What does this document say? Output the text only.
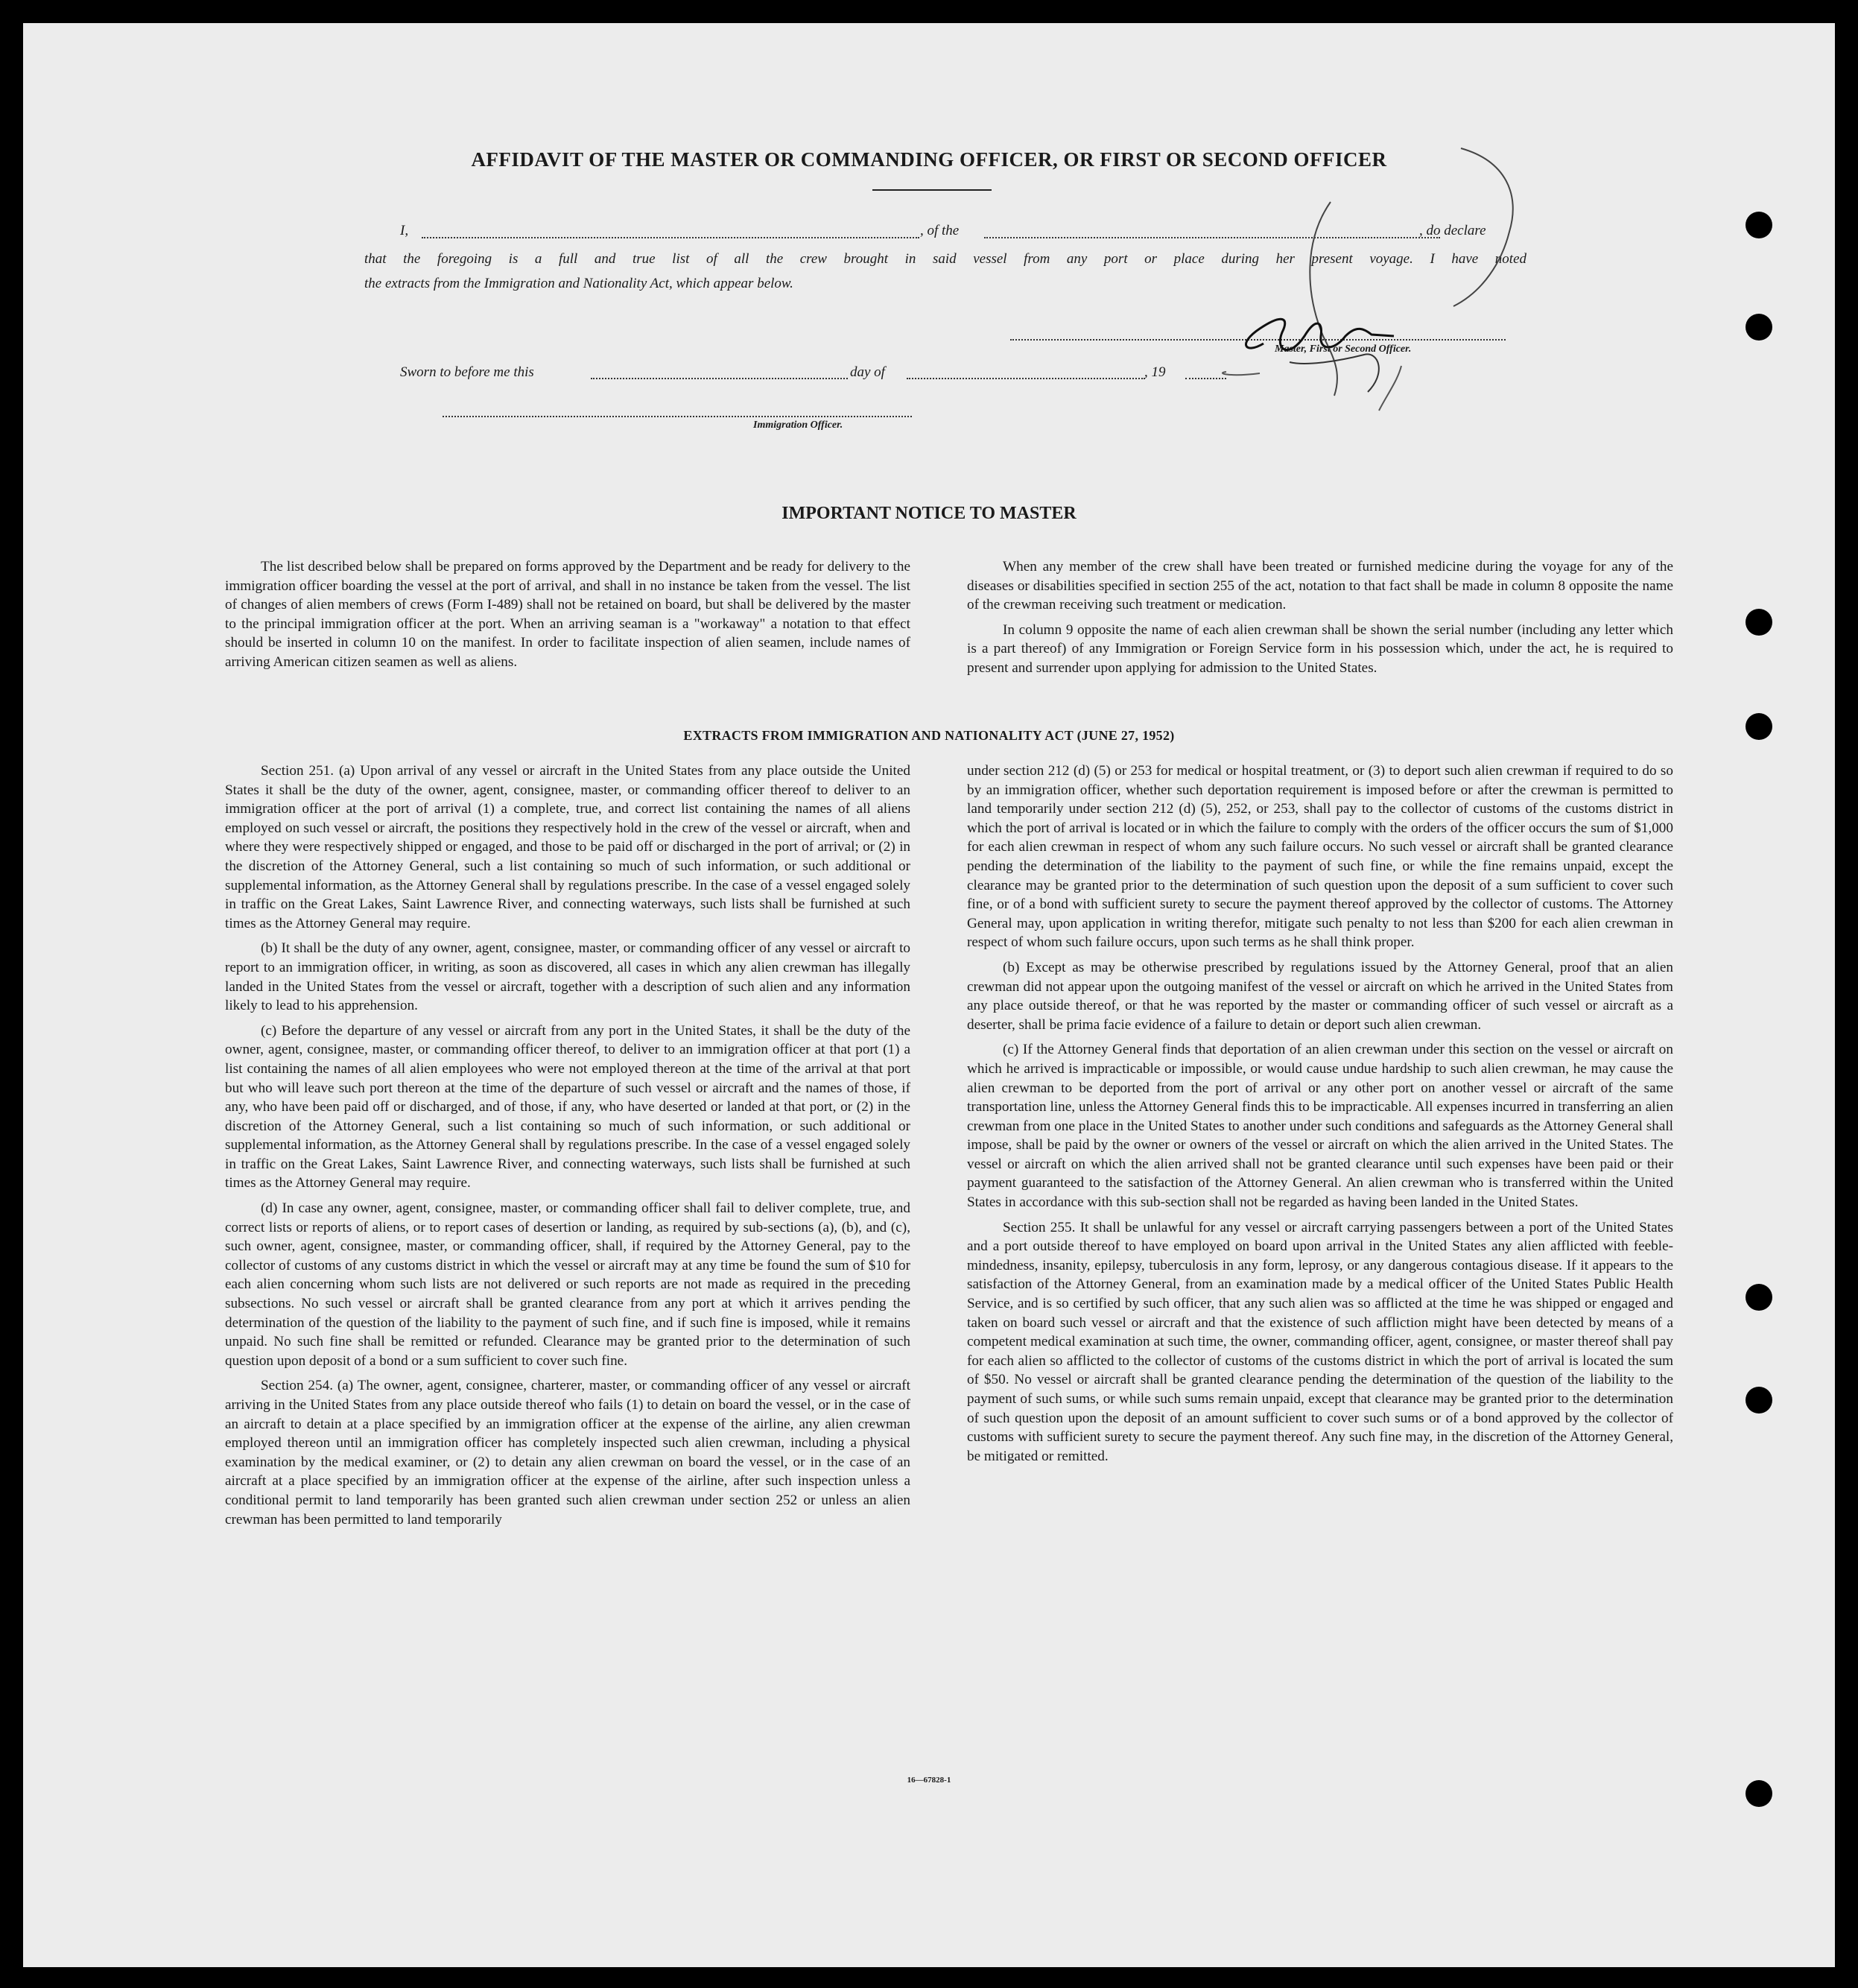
AFFIDAVIT OF THE MASTER OR COMMANDING OFFICER, OR FIRST OR SECOND OFFICER
I,	, of the	, do declare
that the foregoing is a full and true list of all the crew brought in said vessel from any port or place during her present voyage. I have noted
the extracts from the Immigration and Nationality Act, which appear below.
Master, First or Second Officer.
Sworn to before me this	day of	, 19
Immigration Officer.
IMPORTANT NOTICE TO MASTER

The list described below shall be prepared on forms approved by the Department and be ready for delivery to the immigration officer boarding the vessel at the port of arrival, and shall in no instance be taken from the vessel. The list of changes of alien members of crews (Form I-489) shall not be retained on board, but shall be delivered by the master to the principal immigration officer at the port. When an arriving seaman is a "workaway" a notation to that effect should be inserted in column 10 on the manifest. In order to facilitate inspection of alien seamen, include names of arriving American citizen seamen as well as aliens.

When any member of the crew shall have been treated or furnished medicine during the voyage for any of the diseases or disabilities specified in section 255 of the act, notation to that fact shall be made in column 8 opposite the name of the crewman receiving such treatment or medication.

In column 9 opposite the name of each alien crewman shall be shown the serial number (including any letter which is a part thereof) of any Immigration or Foreign Service form in his possession which, under the act, he is required to present and surrender upon applying for admission to the United States.

EXTRACTS FROM IMMIGRATION AND NATIONALITY ACT (JUNE 27, 1952)

Section 251. (a) Upon arrival of any vessel or aircraft in the United States from any place outside the United States it shall be the duty of the owner, agent, consignee, master, or commanding officer thereof to deliver to an immigration officer at the port of arrival (1) a complete, true, and correct list containing the names of all aliens employed on such vessel or aircraft, the positions they respectively hold in the crew of the vessel or aircraft, when and where they were respectively shipped or engaged, and those to be paid off or discharged in the port of arrival; or (2) in the discretion of the Attorney General, such a list containing so much of such information, or such additional or supplemental information, as the Attorney General shall by regulations prescribe. In the case of a vessel engaged solely in traffic on the Great Lakes, Saint Lawrence River, and connecting waterways, such lists shall be furnished at such times as the Attorney General may require.

(b) It shall be the duty of any owner, agent, consignee, master, or commanding officer of any vessel or aircraft to report to an immigration officer, in writing, as soon as discovered, all cases in which any alien crewman has illegally landed in the United States from the vessel or aircraft, together with a description of such alien and any information likely to lead to his apprehension.

(c) Before the departure of any vessel or aircraft from any port in the United States, it shall be the duty of the owner, agent, consignee, master, or commanding officer thereof, to deliver to an immigration officer at that port (1) a list containing the names of all alien employees who were not employed thereon at the time of the arrival at that port but who will leave such port thereon at the time of the departure of such vessel or aircraft and the names of those, if any, who have been paid off or discharged, and of those, if any, who have deserted or landed at that port, or (2) in the discretion of the Attorney General, such a list containing so much of such information, or such additional or supplemental information, as the Attorney General shall by regulations prescribe. In the case of a vessel engaged solely in traffic on the Great Lakes, Saint Lawrence River, and connecting waterways, such lists shall be furnished at such times as the Attorney General may require.

(d) In case any owner, agent, consignee, master, or commanding officer shall fail to deliver complete, true, and correct lists or reports of aliens, or to report cases of desertion or landing, as required by sub-sections (a), (b), and (c), such owner, agent, consignee, master, or commanding officer, shall, if required by the Attorney General, pay to the collector of customs of any customs district in which the vessel or aircraft may at any time be found the sum of $10 for each alien concerning whom such lists are not delivered or such reports are not made as required in the preceding subsections. No such vessel or aircraft shall be granted clearance from any port at which it arrives pending the determination of the question of the liability to the payment of such fine, and if such fine is imposed, while it remains unpaid. No such fine shall be remitted or refunded. Clearance may be granted prior to the determination of such question upon deposit of a bond or a sum sufficient to cover such fine.

Section 254. (a) The owner, agent, consignee, charterer, master, or commanding officer of any vessel or aircraft arriving in the United States from any place outside thereof who fails (1) to detain on board the vessel, or in the case of an aircraft to detain at a place specified by an immigration officer at the expense of the airline, any alien crewman employed thereon until an immigration officer has completely inspected such alien crewman, including a physical examination by the medical examiner, or (2) to detain any alien crewman on board the vessel, or in the case of an aircraft at a place specified by an immigration officer at the expense of the airline, after such inspection unless a conditional permit to land temporarily has been granted such alien crewman under section 252 or unless an alien crewman has been permitted to land temporarily

under section 212 (d) (5) or 253 for medical or hospital treatment, or (3) to deport such alien crewman if required to do so by an immigration officer, whether such deportation requirement is imposed before or after the crewman is permitted to land temporarily under section 212 (d) (5), 252, or 253, shall pay to the collector of customs of the customs district in which the port of arrival is located or in which the failure to comply with the orders of the officer occurs the sum of $1,000 for each alien crewman in respect of whom any such failure occurs. No such vessel or aircraft shall be granted clearance pending the determination of the liability to the payment of such fine, or while the fine remains unpaid, except the clearance may be granted prior to the determination of such question upon the deposit of a sum sufficient to cover such fine, or of a bond with sufficient surety to secure the payment thereof approved by the collector of customs. The Attorney General may, upon application in writing therefor, mitigate such penalty to not less than $200 for each alien crewman in respect of whom such failure occurs, upon such terms as he shall think proper.

(b) Except as may be otherwise prescribed by regulations issued by the Attorney General, proof that an alien crewman did not appear upon the outgoing manifest of the vessel or aircraft on which he arrived in the United States from any place outside thereof, or that he was reported by the master or commanding officer of such vessel or aircraft as a deserter, shall be prima facie evidence of a failure to detain or deport such alien crewman.

(c) If the Attorney General finds that deportation of an alien crewman under this section on the vessel or aircraft on which he arrived is impracticable or impossible, or would cause undue hardship to such alien crewman, he may cause the alien crewman to be deported from the port of arrival or any other port on another vessel or aircraft of the same transportation line, unless the Attorney General finds this to be impracticable. All expenses incurred in transferring an alien crewman from one place in the United States to another under such conditions and safeguards as the Attorney General shall impose, shall be paid by the owner or owners of the vessel or aircraft on which the alien arrived in the United States. The vessel or aircraft on which the alien arrived shall not be granted clearance until such expenses have been paid or their payment guaranteed to the satisfaction of the Attorney General. An alien crewman who is transferred within the United States in accordance with this sub-section shall not be regarded as having been landed in the United States.

Section 255. It shall be unlawful for any vessel or aircraft carrying passengers between a port of the United States and a port outside thereof to have employed on board upon arrival in the United States any alien afflicted with feeble-mindedness, insanity, epilepsy, tuberculosis in any form, leprosy, or any dangerous contagious disease. If it appears to the satisfaction of the Attorney General, from an examination made by a medical officer of the United States Public Health Service, and is so certified by such officer, that any such alien was so afflicted at the time he was shipped or engaged and taken on board such vessel or aircraft and that the existence of such affliction might have been detected by means of a competent medical examination at such time, the owner, commanding officer, agent, consignee, or master thereof shall pay for each alien so afflicted to the collector of customs of the customs district in which the port of arrival is located the sum of $50. No vessel or aircraft shall be granted clearance pending the determination of the question of the liability to the payment of such sums, or while such sums remain unpaid, except that clearance may be granted prior to the determination of such question upon the deposit of an amount sufficient to cover such sums or of a bond approved by the collector of customs with sufficient surety to secure the payment thereof. Any such fine may, in the discretion of the Attorney General, be mitigated or remitted.

16—67828-1
